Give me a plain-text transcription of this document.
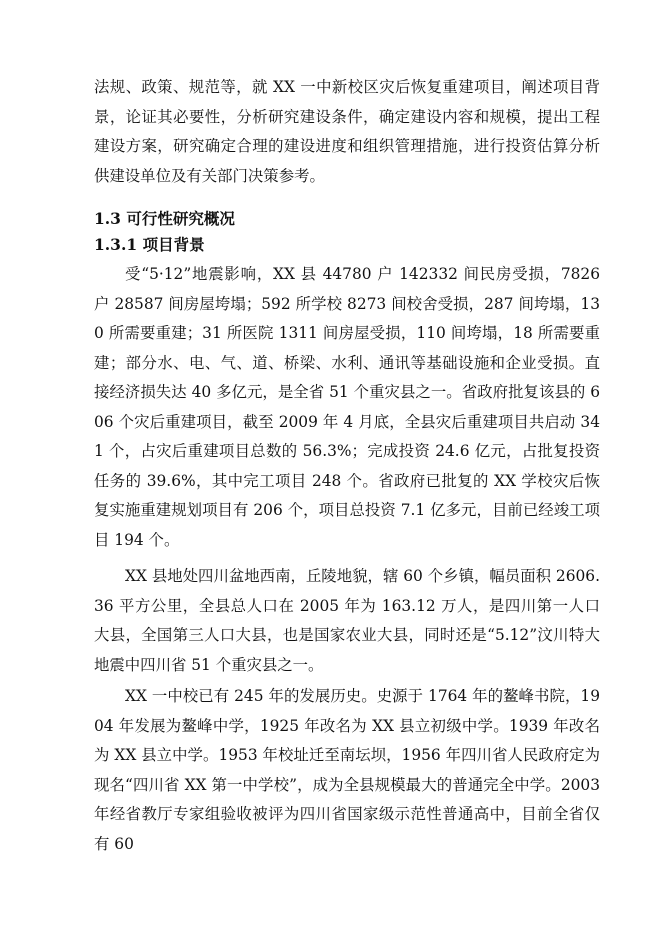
法规、政策、规范等，就 XX 一中新校区灾后恢复重建项目，阐述项目背景，论证其必要性，分析研究建设条件，确定建设内容和规模，提出工程建设方案，研究确定合理的建设进度和组织管理措施，进行投资估算分析供建设单位及有关部门决策参考。

1.3 可行性研究概况
1.3.1 项目背景

受“5·12”地震影响，XX 县 44780 户 142332 间民房受损，7826 户 28587 间房屋垮塌；592 所学校 8273 间校舍受损，287 间垮塌，130 所需要重建；31 所医院 1311 间房屋受损，110 间垮塌，18 所需要重建；部分水、电、气、道、桥梁、水利、通讯等基础设施和企业受损。直接经济损失达 40 多亿元，是全省 51 个重灾县之一。省政府批复该县的 606 个灾后重建项目，截至 2009 年 4 月底，全县灾后重建项目共启动 341 个，占灾后重建项目总数的 56.3%；完成投资 24.6 亿元，占批复投资任务的 39.6%，其中完工项目 248 个。省政府已批复的 XX 学校灾后恢复实施重建规划项目有 206 个，项目总投资 7.1 亿多元，目前已经竣工项目 194 个。

XX 县地处四川盆地西南，丘陵地貌，辖 60 个乡镇，幅员面积 2606.36 平方公里，全县总人口在 2005 年为 163.12 万人，是四川第一人口大县，全国第三人口大县，也是国家农业大县，同时还是“5.12”汶川特大地震中四川省 51 个重灾县之一。

XX 一中校已有 245 年的发展历史。史源于 1764 年的鳌峰书院，1904 年发展为鳌峰中学，1925 年改名为 XX 县立初级中学。1939 年改名为 XX 县立中学。1953 年校址迁至南坛坝，1956 年四川省人民政府定为现名“四川省 XX 第一中学校”，成为全县规模最大的普通完全中学。2003 年经省教厅专家组验收被评为四川省国家级示范性普通高中，目前全省仅有 60
